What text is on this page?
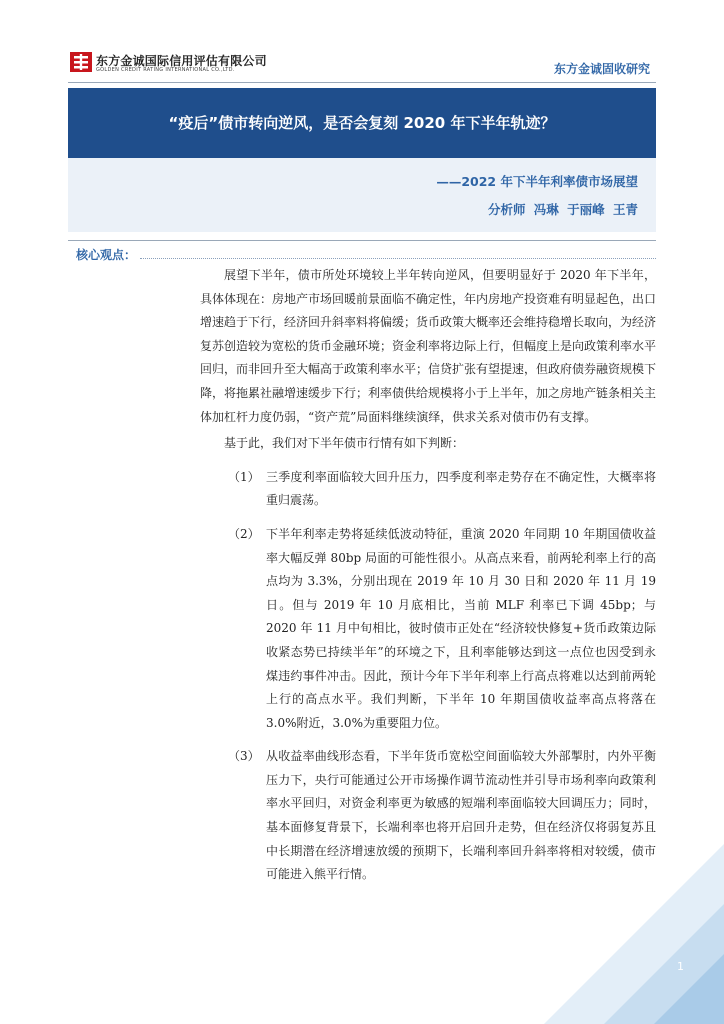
东方金诚国际信用评估有限公司
GOLDEN CREDIT RATING INTERNATIONAL CO.,LTD.	东方金诚固收研究
“疫后”债市转向逆风，是否会复刻 2020 年下半年轨迹？
——2022 年下半年利率债市场展望
分析师 冯琳 于丽峰 王青
核心观点：

展望下半年，债市所处环境较上半年转向逆风，但要明显好于 2020 年下半年，具体体现在：房地产市场回暖前景面临不确定性，年内房地产投资难有明显起色，出口增速趋于下行，经济回升斜率料将偏缓；货币政策大概率还会维持稳增长取向，为经济复苏创造较为宽松的货币金融环境；资金利率将边际上行，但幅度上是向政策利率水平回归，而非回升至大幅高于政策利率水平；信贷扩张有望提速，但政府债券融资规模下降，将拖累社融增速缓步下行；利率债供给规模将小于上半年，加之房地产链条相关主体加杠杆力度仍弱，“资产荒”局面料继续演绎，供求关系对债市仍有支撑。

基于此，我们对下半年债市行情有如下判断：

（1） 三季度利率面临较大回升压力，四季度利率走势存在不确定性，大概率将重归震荡。

（2） 下半年利率走势将延续低波动特征，重演 2020 年同期 10 年期国债收益率大幅反弹 80bp 局面的可能性很小。从高点来看，前两轮利率上行的高点均为 3.3%，分别出现在 2019 年 10 月 30 日和 2020 年 11 月 19 日。但与 2019 年 10 月底相比，当前 MLF 利率已下调 45bp；与 2020 年 11 月中旬相比，彼时债市正处在“经济较快修复+货币政策边际收紧态势已持续半年”的环境之下，且利率能够达到这一点位也因受到永煤违约事件冲击。因此，预计今年下半年利率上行高点将难以达到前两轮上行的高点水平。我们判断，下半年 10 年期国债收益率高点将落在 3.0%附近，3.0%为重要阻力位。

（3） 从收益率曲线形态看，下半年货币宽松空间面临较大外部掣肘，内外平衡压力下，央行可能通过公开市场操作调节流动性并引导市场利率向政策利率水平回归，对资金利率更为敏感的短端利率面临较大回调压力；同时，基本面修复背景下，长端利率也将开启回升走势，但在经济仅将弱复苏且中长期潜在经济增速放缓的预期下，长端利率回升斜率将相对较缓，债市可能进入熊平行情。

1
